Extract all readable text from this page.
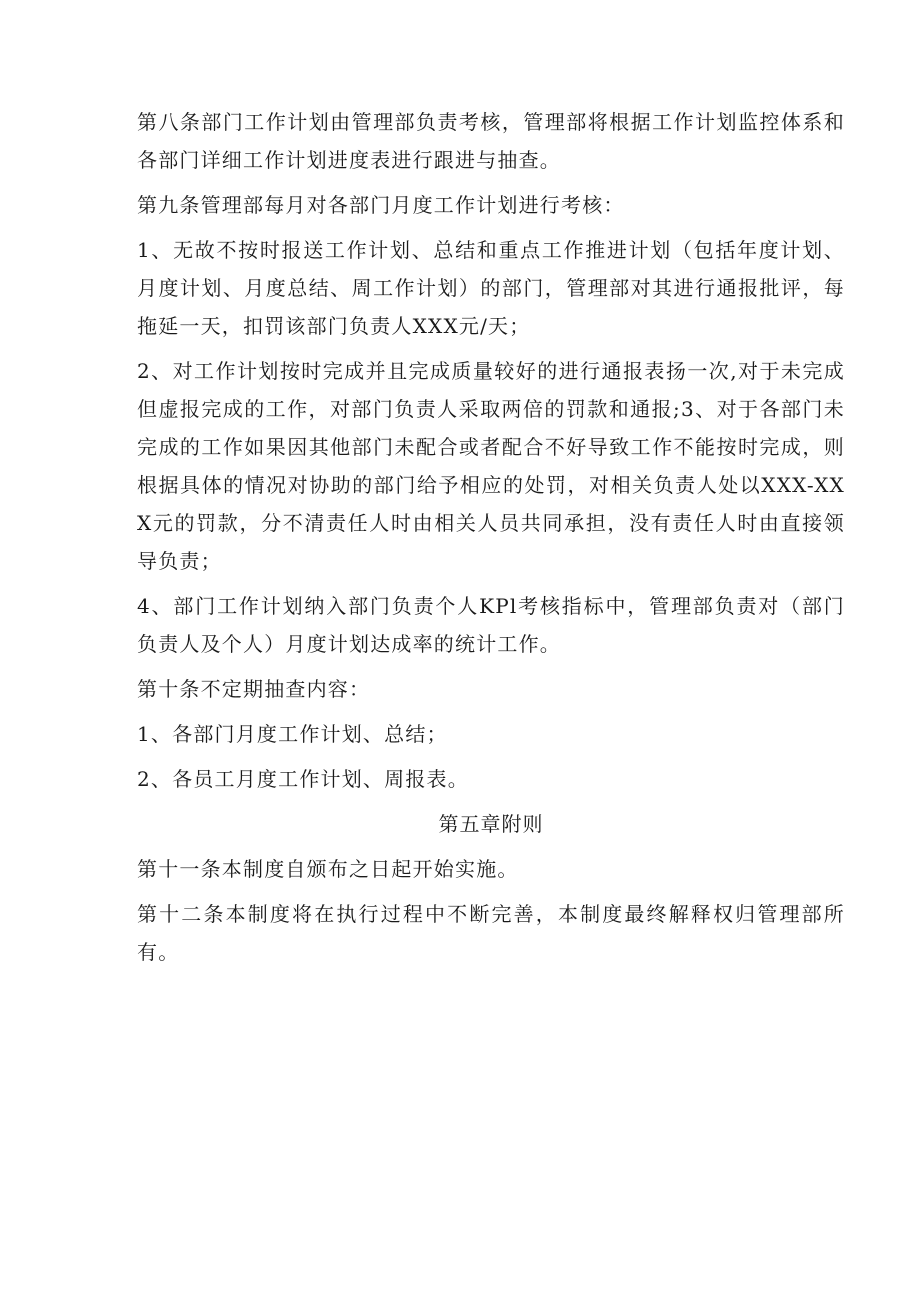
第八条部门工作计划由管理部负责考核，管理部将根据工作计划监控体系和各部门详细工作计划进度表进行跟进与抽查。

第九条管理部每月对各部门月度工作计划进行考核：

1、无故不按时报送工作计划、总结和重点工作推进计划（包括年度计划、月度计划、月度总结、周工作计划）的部门，管理部对其进行通报批评，每拖延一天，扣罚该部门负责人XXX元/天；

2、对工作计划按时完成并且完成质量较好的进行通报表扬一次,对于未完成但虚报完成的工作，对部门负责人采取两倍的罚款和通报;3、对于各部门未完成的工作如果因其他部门未配合或者配合不好导致工作不能按时完成，则根据具体的情况对协助的部门给予相应的处罚，对相关负责人处以XXX-XXX元的罚款，分不清责任人时由相关人员共同承担，没有责任人时由直接领导负责；

4、部门工作计划纳入部门负责个人KPl考核指标中，管理部负责对（部门负责人及个人）月度计划达成率的统计工作。

第十条不定期抽查内容：

1、各部门月度工作计划、总结；

2、各员工月度工作计划、周报表。

第五章附则

第十一条本制度自颁布之日起开始实施。

第十二条本制度将在执行过程中不断完善，本制度最终解释权归管理部所有。
